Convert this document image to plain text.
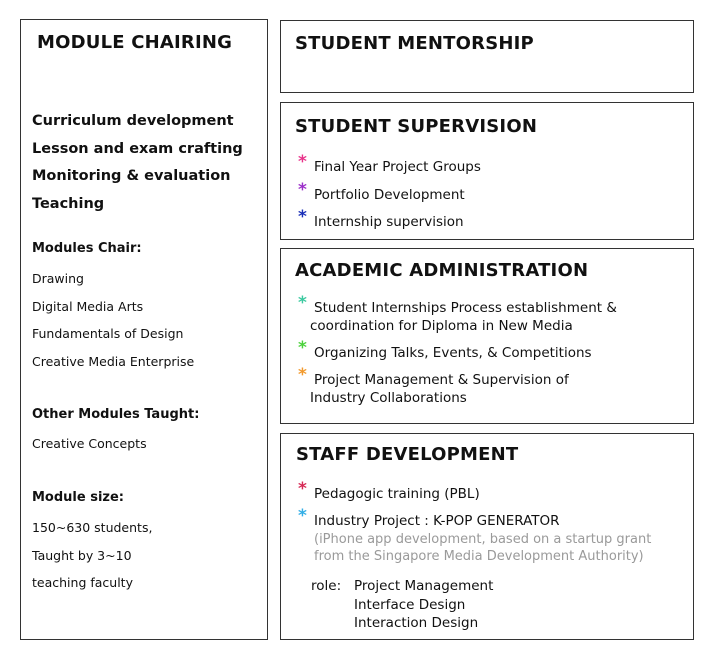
MODULE CHAIRING
Curriculum development
Lesson and exam crafting
Monitoring & evaluation
Teaching
Modules Chair:
Drawing
Digital Media Arts
Fundamentals of Design
Creative Media Enterprise
Other Modules Taught:
Creative Concepts
Module size:
150~630 students,
Taught by 3~10
teaching faculty
STUDENT MENTORSHIP
STUDENT SUPERVISION
* Final Year Project Groups
* Portfolio Development
* Internship supervision
ACADEMIC ADMINISTRATION
* Student Internships Process establishment &
coordination for Diploma in New Media
* Organizing Talks, Events, & Competitions
* Project Management & Supervision of
Industry Collaborations
STAFF DEVELOPMENT
* Pedagogic training (PBL)
* Industry Project : K-POP GENERATOR
(iPhone app development, based on a startup grant
from the Singapore Media Development Authority)
role: Project Management
Interface Design
Interaction Design
